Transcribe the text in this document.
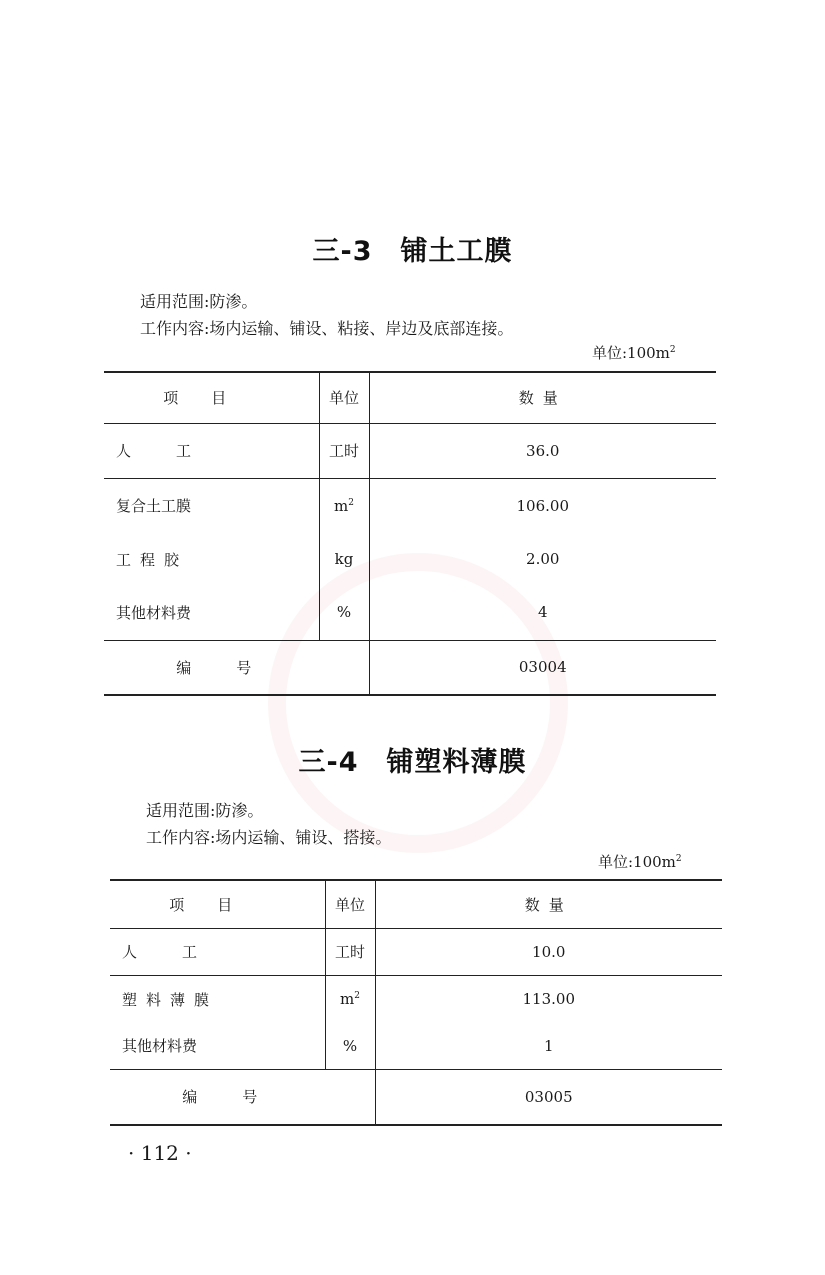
三-3 铺土工膜
适用范围:防渗。
工作内容:场内运输、铺设、粘接、岸边及底部连接。
单位$:100m^2$
项目	单位	数量
人工	工时	36.0
复合土工膜	$m^2$	106.00
工程胶	kg	2.00
其他材料费	%	4
编号		03004
三-4 铺塑料薄膜
适用范围:防渗。
工作内容:场内运输、铺设、搭接。
单位$:100m^2$
项目	单位	数量
人工	工时	10.0
塑料薄膜	$m^2$	113.00
其他材料费	%	1
编号		03005
· 112 ·
